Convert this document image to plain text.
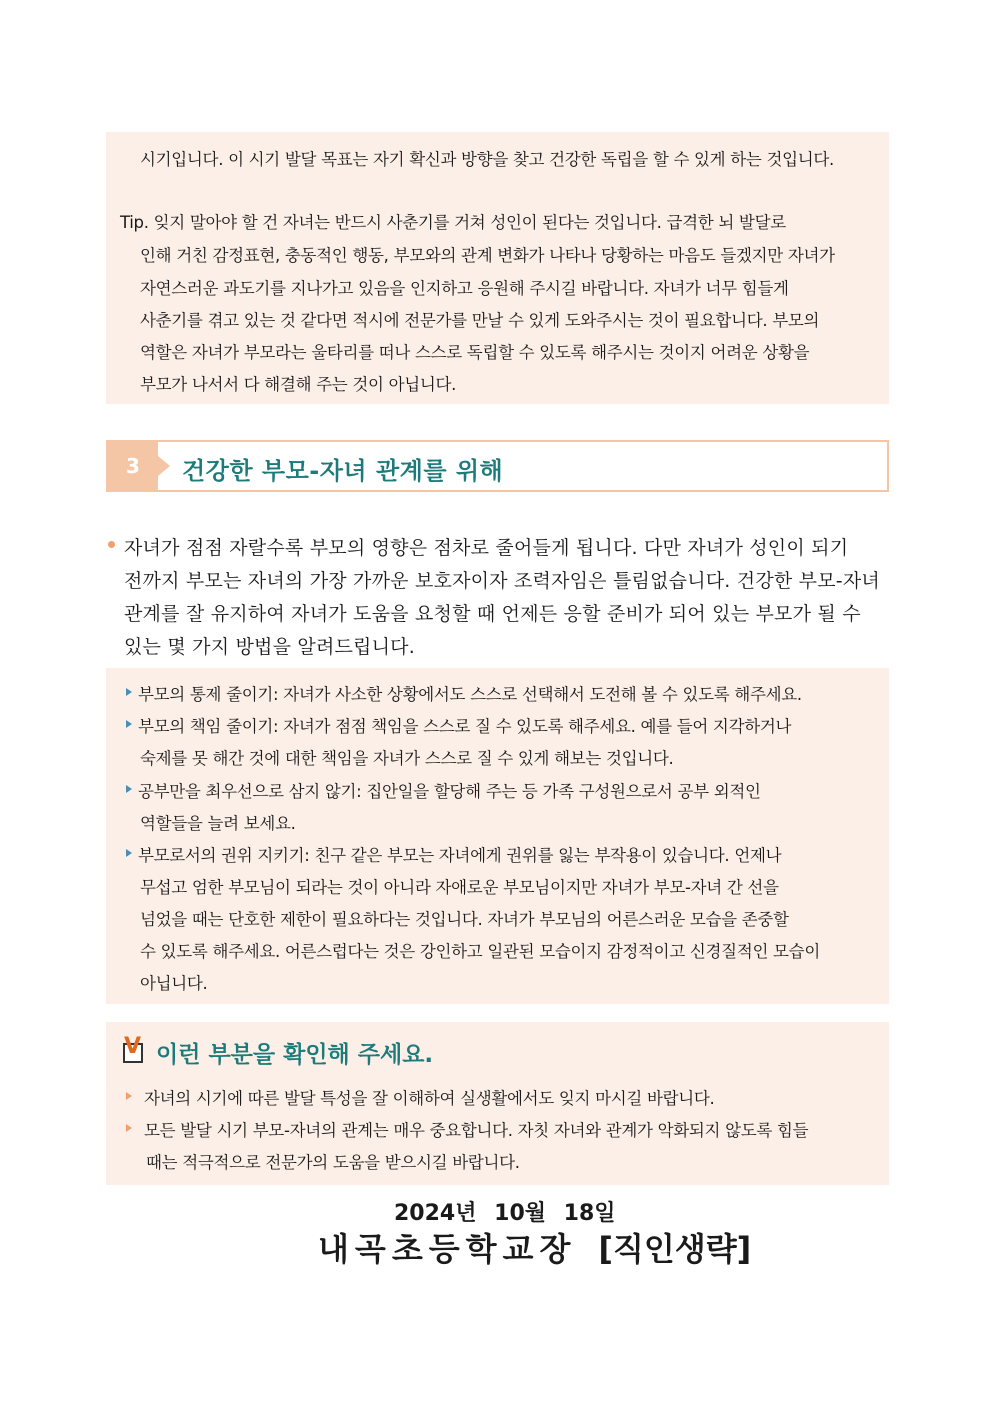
시기입니다. 이 시기 발달 목표는 자기 확신과 방향을 찾고 건강한 독립을 할 수 있게 하는 것입니다.
Tip. 잊지 말아야 할 건 자녀는 반드시 사춘기를 거쳐 성인이 된다는 것입니다. 급격한 뇌 발달로
인해 거친 감정표현, 충동적인 행동, 부모와의 관계 변화가 나타나 당황하는 마음도 들겠지만 자녀가
자연스러운 과도기를 지나가고 있음을 인지하고 응원해 주시길 바랍니다. 자녀가 너무 힘들게
사춘기를 겪고 있는 것 같다면 적시에 전문가를 만날 수 있게 도와주시는 것이 필요합니다. 부모의
역할은 자녀가 부모라는 울타리를 떠나 스스로 독립할 수 있도록 해주시는 것이지 어려운 상황을
부모가 나서서 다 해결해 주는 것이 아닙니다.
3	건강한 부모-자녀 관계를 위해
자녀가 점점 자랄수록 부모의 영향은 점차로 줄어들게 됩니다. 다만 자녀가 성인이 되기
전까지 부모는 자녀의 가장 가까운 보호자이자 조력자임은 틀림없습니다. 건강한 부모-자녀
관계를 잘 유지하여 자녀가 도움을 요청할 때 언제든 응할 준비가 되어 있는 부모가 될 수
있는 몇 가지 방법을 알려드립니다.
부모의 통제 줄이기: 자녀가 사소한 상황에서도 스스로 선택해서 도전해 볼 수 있도록 해주세요.
부모의 책임 줄이기: 자녀가 점점 책임을 스스로 질 수 있도록 해주세요. 예를 들어 지각하거나
숙제를 못 해간 것에 대한 책임을 자녀가 스스로 질 수 있게 해보는 것입니다.
공부만을 최우선으로 삼지 않기: 집안일을 할당해 주는 등 가족 구성원으로서 공부 외적인
역할들을 늘려 보세요.
부모로서의 권위 지키기: 친구 같은 부모는 자녀에게 권위를 잃는 부작용이 있습니다. 언제나
무섭고 엄한 부모님이 되라는 것이 아니라 자애로운 부모님이지만 자녀가 부모-자녀 간 선을
넘었을 때는 단호한 제한이 필요하다는 것입니다. 자녀가 부모님의 어른스러운 모습을 존중할
수 있도록 해주세요. 어른스럽다는 것은 강인하고 일관된 모습이지 감정적이고 신경질적인 모습이
아닙니다.
V 이런 부분을 확인해 주세요.
자녀의 시기에 따른 발달 특성을 잘 이해하여 실생활에서도 잊지 마시길 바랍니다.
모든 발달 시기 부모-자녀의 관계는 매우 중요합니다. 자칫 자녀와 관계가 악화되지 않도록 힘들
때는 적극적으로 전문가의 도움을 받으시길 바랍니다.
2024년 10월 18일
내곡초등학교장 [직인생략]
